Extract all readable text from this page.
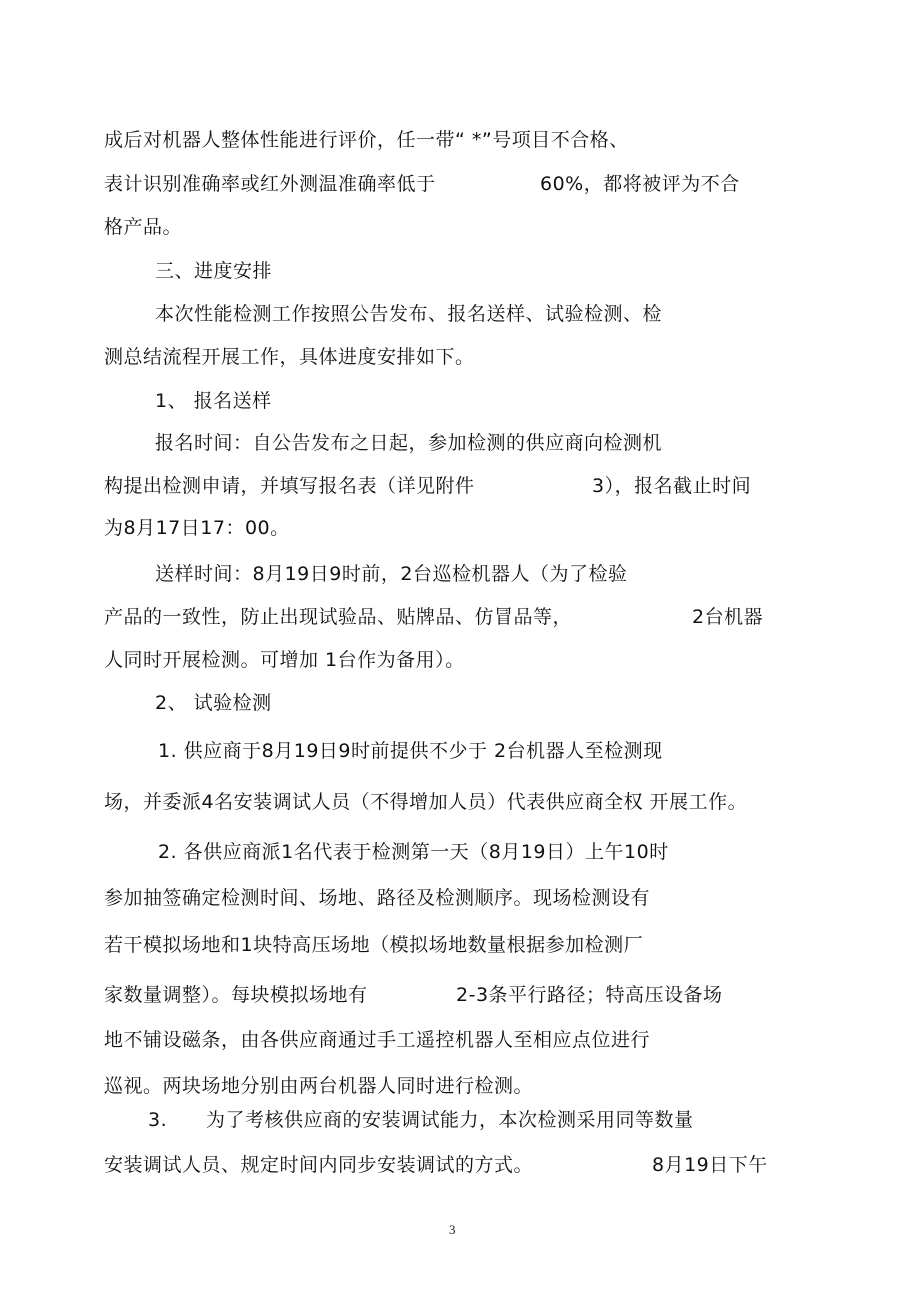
成后对机器人整体性能进行评价，任一带“ *”号项目不合格、

表计识别准确率或红外测温准确率低于	60%，都将被评为不合

格产品。

三、进度安排

本次性能检测工作按照公告发布、报名送样、试验检测、检

测总结流程开展工作，具体进度安排如下。

1、 报名送样

报名时间：自公告发布之日起，参加检测的供应商向检测机

构提出检测申请，并填写报名表（详见附件	3），报名截止时间

为8月17日17：00。

送样时间：8月19日9时前，2台巡检机器人（为了检验

产品的一致性，防止出现试验品、贴牌品、仿冒品等，	2台机器

人同时开展检测。可增加 1台作为备用）。

2、 试验检测

1. 供应商于8月19日9时前提供不少于 2台机器人至检测现

场，并委派4名安装调试人员（不得增加人员）代表供应商全权 开展工作。

2. 各供应商派1名代表于检测第一天（8月19日）上午10时

参加抽签确定检测时间、场地、路径及检测顺序。现场检测设有

若干模拟场地和1块特高压场地（模拟场地数量根据参加检测厂

家数量调整）。每块模拟场地有	2-3条平行路径；特高压设备场

地不铺设磁条，由各供应商通过手工遥控机器人至相应点位进行

巡视。两块场地分别由两台机器人同时进行检测。

3. 为了考核供应商的安装调试能力，本次检测采用同等数量

安装调试人员、规定时间内同步安装调试的方式。	8月19日下午

3
